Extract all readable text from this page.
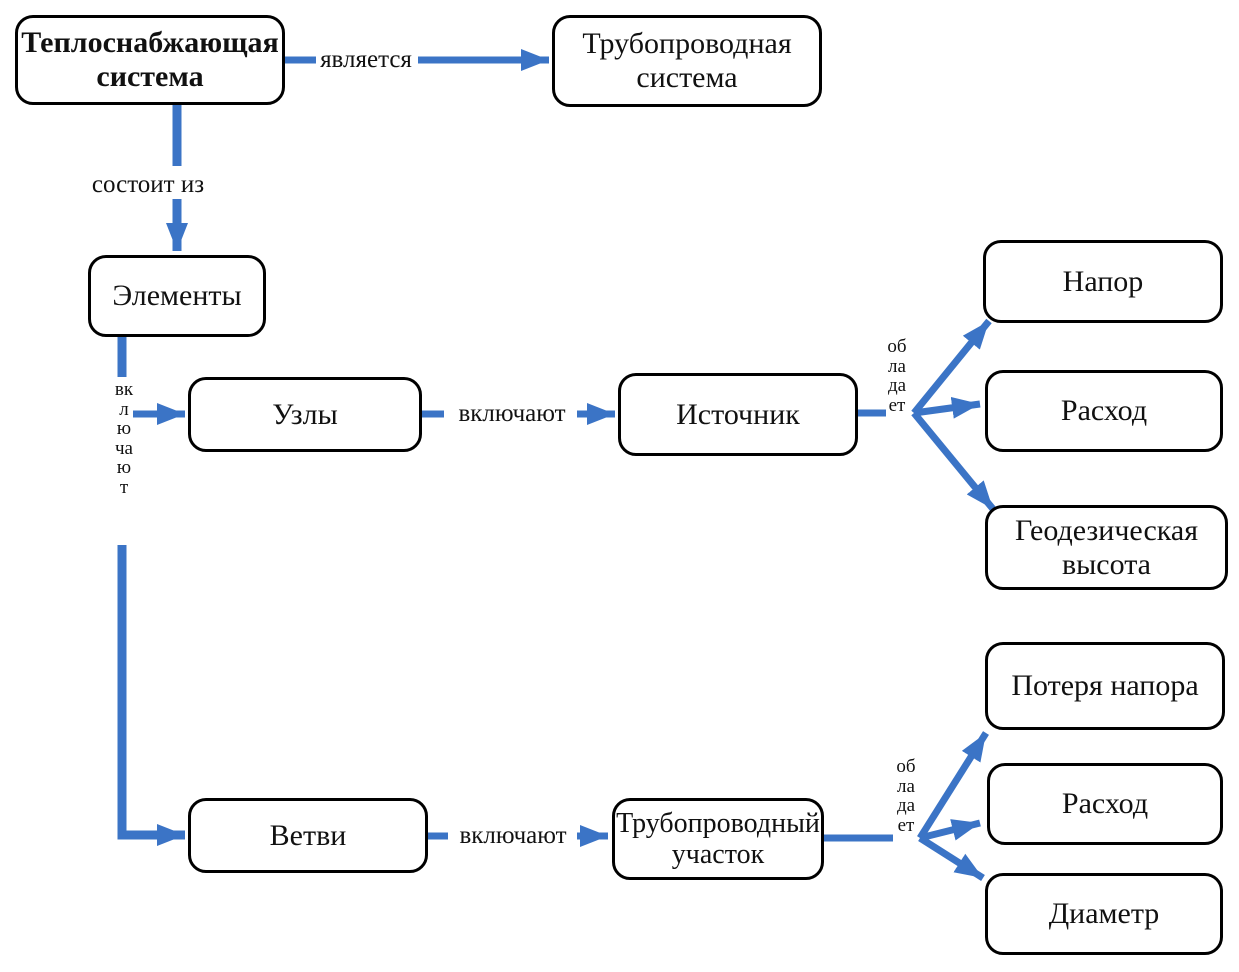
Теплоснабжающая система
Трубопроводная система
Элементы
Узлы	Источник
Напор
Расход
Геодезическая высота
Ветви	Трубопроводный участок
Потеря напора
Расход
Диаметр
является
состоит из
включают
включают
обладает
включают
обладает
